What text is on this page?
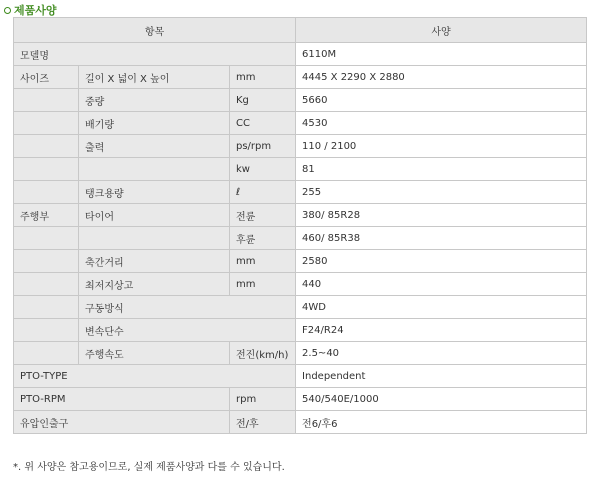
제품사양
항목			사양
모델명			6110M
사이즈	길이 X 넓이 X 높이	mm	4445 X 2290 X 2880
	중량	Kg	5660
	배기량	CC	4530
	출력	ps/rpm	110 / 2100
		kw	81
	탱크용량	ℓ	255
주행부	타이어	전륜	380/ 85R28
		후륜	460/ 85R38
	축간거리	mm	2580
	최저지상고	mm	440
	구동방식		4WD
	변속단수		F24/R24
	주행속도	전진(km/h)	2.5~40
PTO-TYPE			Independent
PTO-RPM		rpm	540/540E/1000
유압인출구		전/후	전6/후6
*. 위 사양은 참고용이므로, 실제 제품사양과 다를 수 있습니다.
